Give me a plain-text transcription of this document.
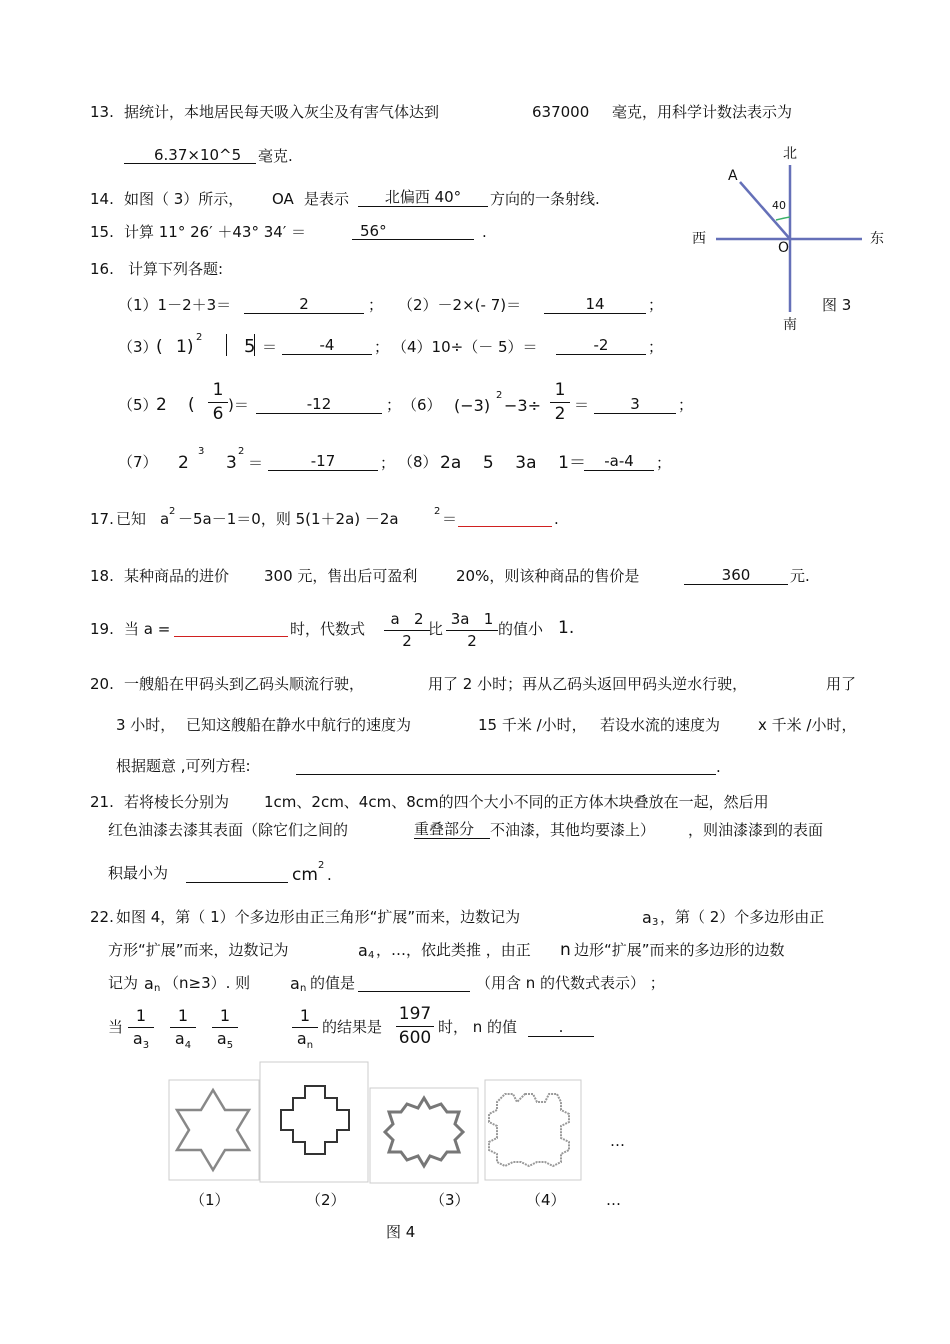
13. 据统计，本地居民每天吸入灰尘及有害气体达到	637000 毫克，用科学计数法表示为
6.37×10^5	毫克.
14. 如图（ 3）所示， OA 是表示	北偏西 40°	方向的一条射线.
15. 计算 11° 26′ ＋43° 34′ ＝	56°	.
16. 计算下列各题:
（1）1－2＋3＝	2	； （2）－2×(- 7)＝	14	；
（3）
( 1) 2 5 ＝	-4	； （4）10÷（－ 5）＝	-2	；
（5）
2 (
1
6 )＝	-12	； （6） (−3)
2
−3÷
1
2 ＝	3	；
（7） 2
3
3
2
＝	-17	； （8） 2a    5    3a    1＝	-a-4	；
17. 已知 a 2 －5a－1＝0，则 5(1＋2a) －2a	2 ＝	.
18. 某种商品的进价 300 元，售出后可盈利	20%，则该种商品的售价是	360	元.
19. 当 a =	时，代数式
a   2
2
比
3a   1
2
的值小 1.
20. 一艘船在甲码头到乙码头顺流行驶，	用了 2 小时；再从乙码头返回甲码头逆水行驶，	用了
3 小时， 已知这艘船在静水中航行的速度为	15 千米 /小时， 若设水流的速度为	x 千米 /小时，
根据题意 ,可列方程:	.
21. 若将棱长分别为 1cm、2cm、4cm、8cm的四个大小不同的正方体木块叠放在一起，然后用
红色油漆去漆其表面（除它们之间的	重叠部分	不油漆，其他均要漆上） ，则油漆漆到的表面
积最小为	cm 2
.
22. 如图 4，第（ 1）个多边形由正三角形“扩展”而来，边数记为	a 3 ，第（ 2）个多边形由正
方形“扩展”而来，边数记为	a 4 ，…，依此类推 ，由正 n 边形“扩展”而来的多边形的边数
记为 a n （n≥3）. 则 a n 的值是	（用含 n 的代数式表示） ；
当
1
$a_3$
1
$a_4$
1
$a_5$
1
$a_n$
的结果是
197
600
时， n 的值	.
北
南
西	东
A
O
40
图 3
…
（1）	（2）	（3）	（4）	…
图 4
